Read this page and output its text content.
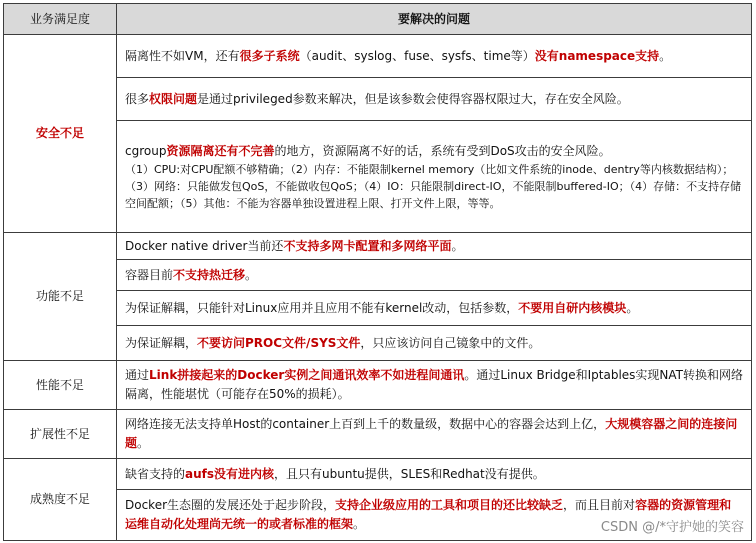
业务满足度	要解决的问题
安全不足	隔离性不如VM，还有很多子系统（audit、syslog、fuse、sysfs、time等）没有namespace支持。
	很多权限问题是通过privileged参数来解决，但是该参数会使得容器权限过大，存在安全风险。

	cgroup资源隔离还有不完善的地方，资源隔离不好的话，系统有受到DoS攻击的安全风险。
（1）CPU:对CPU配额不够精确；（2）内存：不能限制kernel memory（比如文件系统的inode、dentry等内核数据结构）；（3）网络：只能做发包QoS，不能做收包QoS；（4）IO：只能限制direct-IO，不能限制buffered-IO；（4）存储：不支持存储空间配额；（5）其他：不能为容器单独设置进程上限、打开文件上限，等等。

功能不足	Docker native driver当前还不支持多网卡配置和多网络平面。
	容器目前不支持热迁移。
	为保证解耦，只能针对Linux应用并且应用不能有kernel改动，包括参数，不要用自研内核模块。
	为保证解耦，不要访问PROC文件/SYS文件，只应该访问自己镜象中的文件。
性能不足	通过Link拼接起来的Docker实例之间通讯效率不如进程间通讯。通过Linux Bridge和Iptables实现NAT转换和网络隔离，性能堪忧（可能存在50%的损耗）。
扩展性不足	网络连接无法支持单Host的container上百到上千的数量级，数据中心的容器会达到上亿，大规模容器之间的连接问题。
成熟度不足	缺省支持的aufs没有进内核，且只有ubuntu提供，SLES和Redhat没有提供。
	Docker生态圈的发展还处于起步阶段，支持企业级应用的工具和项目的还比较缺乏，而且目前对容器的资源管理和运维自动化处理尚无统一的或者标准的框架。	CSDN @/*守护她的笑容
